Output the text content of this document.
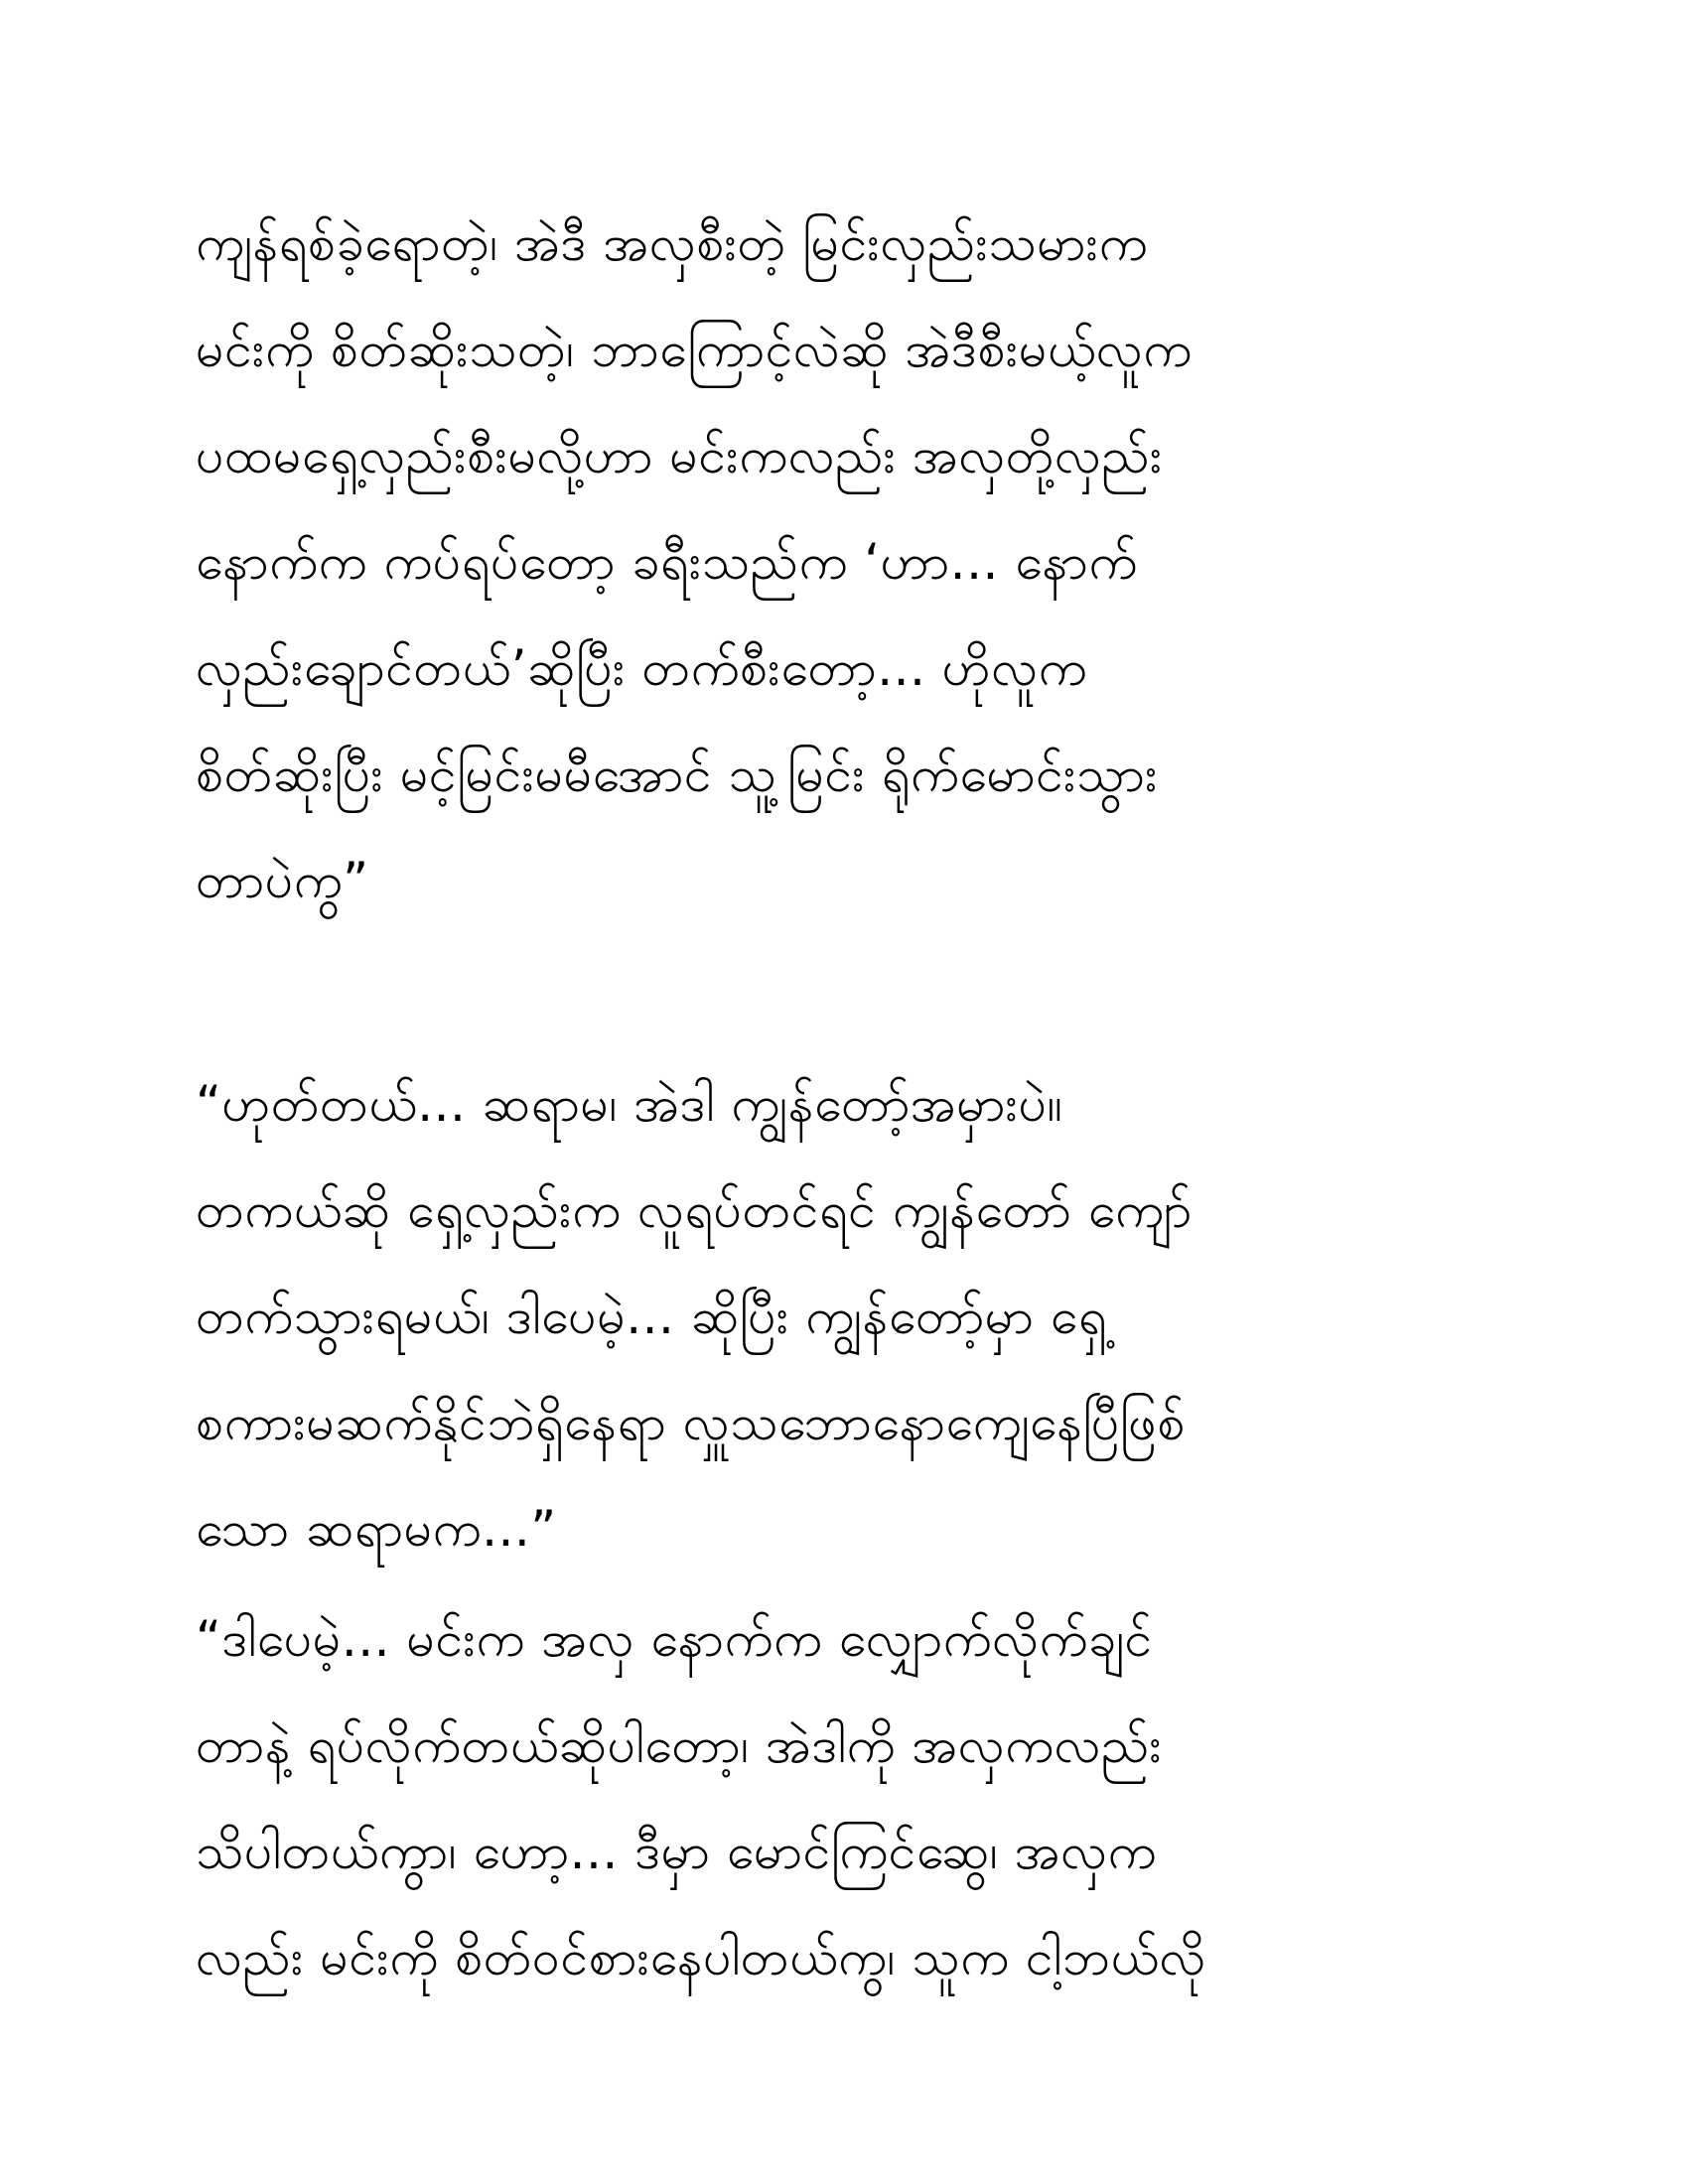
ကျန်ရစ်ခဲ့ရောတဲ့၊ အဲဒီ အလှစီးတဲ့ မြင်းလှည်းသမားက
မင်းကို စိတ်ဆိုးသတဲ့၊ ဘာကြောင့်လဲဆို အဲဒီစီးမယ့်လူက
ပထမရှေ့လှည်းစီးမလို့ဟာ မင်းကလည်း အလှတို့လှည်း
နောက်က ကပ်ရပ်တော့ ခရီးသည်က ‘ဟာ... နောက်
လှည်းချောင်တယ်’ဆိုပြီး တက်စီးတော့... ဟိုလူက
စိတ်ဆိုးပြီး မင့်မြင်းမမီအောင် သူ့မြင်း ရိုက်မောင်းသွား
တာပဲကွ”
“ဟုတ်တယ်... ဆရာမ၊ အဲဒါ ကျွန်တော့်အမှားပဲ။
တကယ်ဆို ရှေ့လှည်းက လူရပ်တင်ရင် ကျွန်တော် ကျော်
တက်သွားရမယ်၊ ဒါပေမဲ့... ဆိုပြီး ကျွန်တော့်မှာ ရှေ့
စကားမဆက်နိုင်ဘဲရှိနေရာ လှူသဘောနောကျေနေပြီဖြစ်
သော ဆရာမက...”
“ဒါပေမဲ့... မင်းက အလှ နောက်က လျှောက်လိုက်ချင်
တာနဲ့ ရပ်လိုက်တယ်ဆိုပါတော့၊ အဲဒါကို အလှကလည်း
သိပါတယ်ကွာ၊ ဟော့... ဒီမှာ မောင်ကြင်ဆွေ၊ အလှက
လည်း မင်းကို စိတ်ဝင်စားနေပါတယ်ကွ၊ သူက ငါ့ဘယ်လို
